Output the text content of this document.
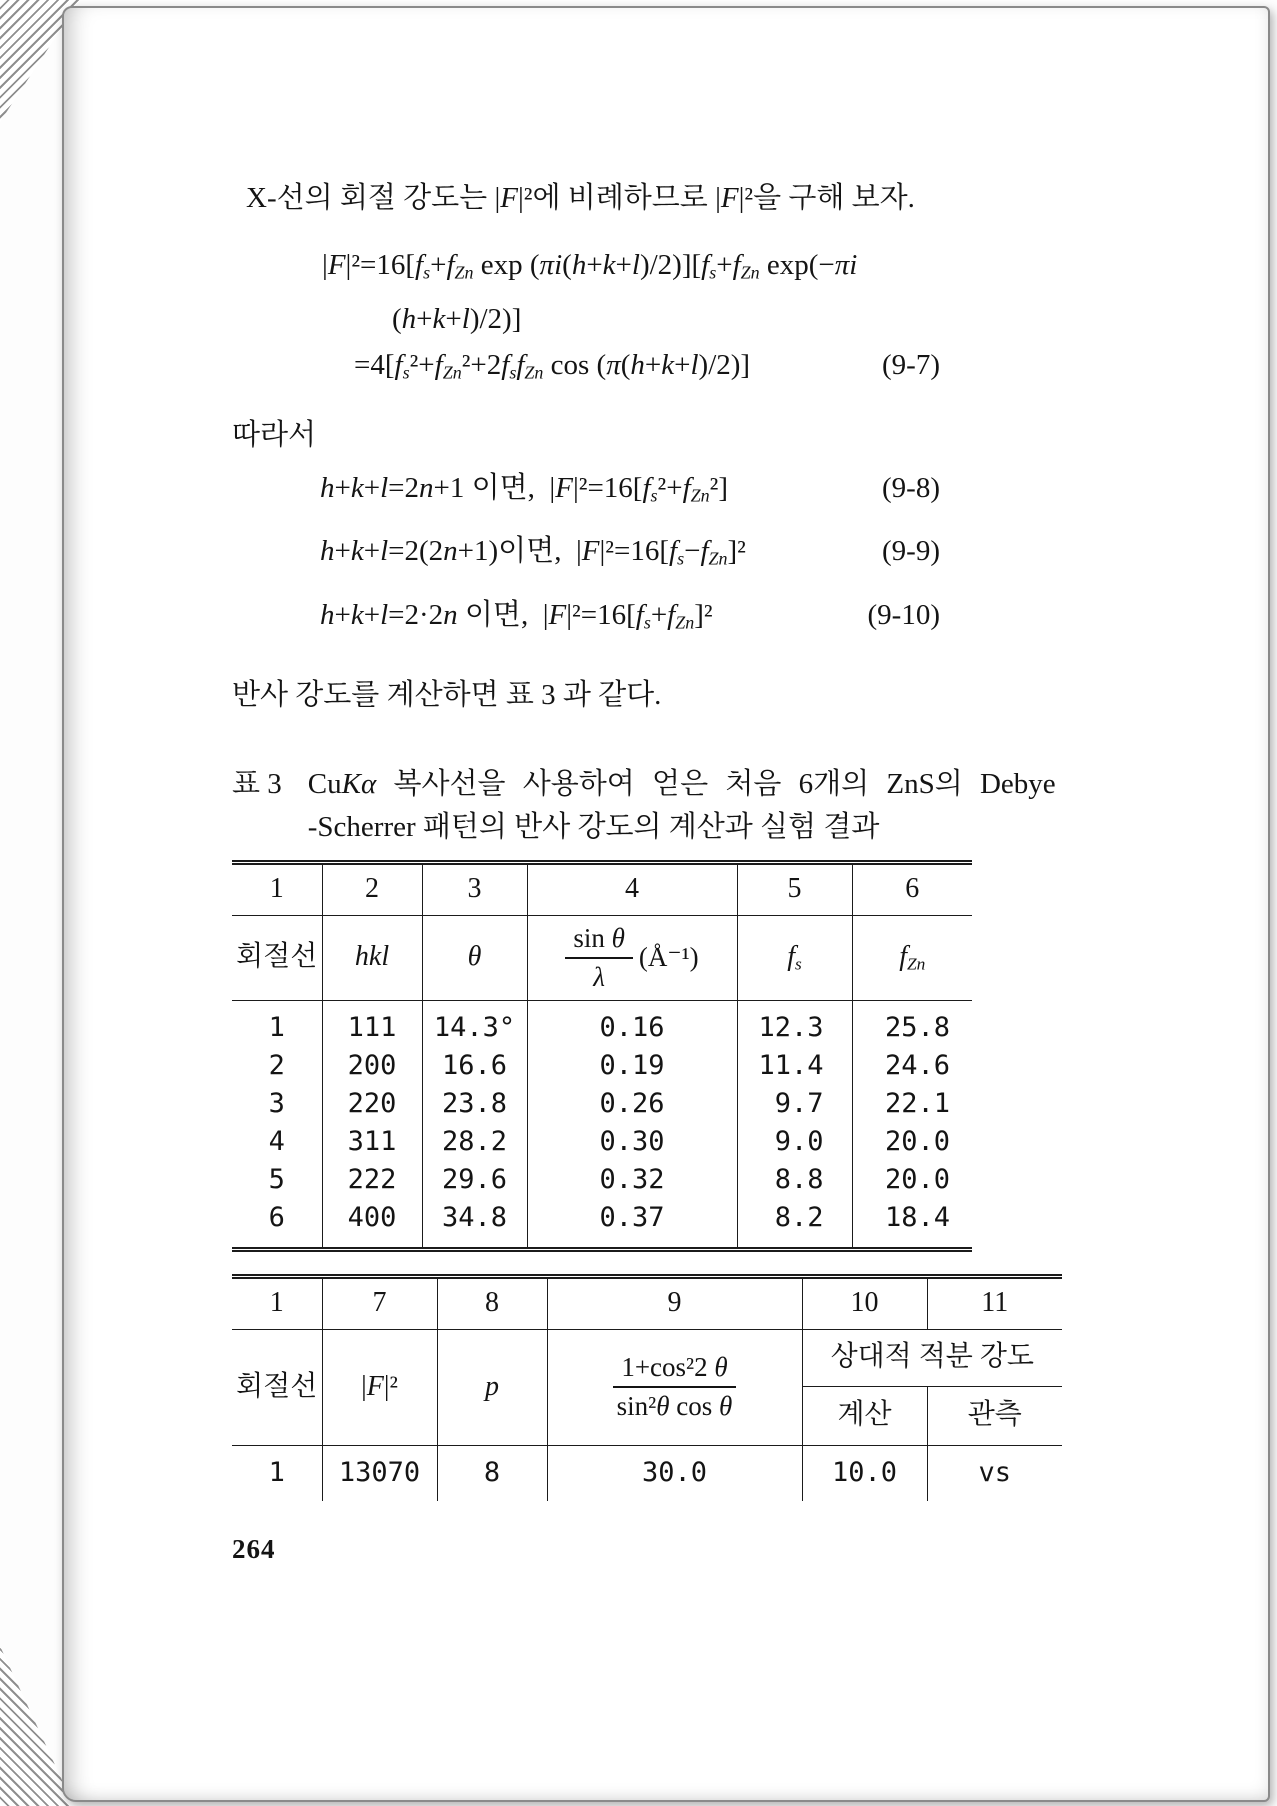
X-선의 회절 강도는 |F|²에 비례하므로 |F|²을 구해 보자.

$|F|^2=16[f_s+f_{Zn}$ $\exp (\pi i(h+k+l)/2)][f_s+f_{Zn}$ exp(−πi
(h+k+l)/2)]
$=4[f_s^2+f_{Zn}^2+2f_sf_{Zn}$ cos (π(h+k+l)/2)]	(9-7)

따라서

h+k+l=2n+1 이면,  $|F|^2=16[f_s^2+f_{Zn}^2]$	(9-8)
h+k+l=2(2n+1)이면,  $|F|^2=16[f_s-f_{Zn}]^2$	(9-9)
h+k+l=2·2n 이면,  $|F|^2=16[f_s+f_{Zn}]^2$	(9-10)

반사 강도를 계산하면 표 3 과 같다.

표 3 CuKα 복사선을 사용하여 얻은 처음 6개의 ZnS의 Debye
-Scherrer 패턴의 반사 강도의 계산과 실험 결과
1	2	3	4	5	6
회절선	hkl	θ	$\frac{\text{sin θ}}{\lambda}$ (Å⁻¹)	$f_s$	$f_{Zn}$
1	111	14.3°	0.16	12.3	25.8
2	200	16.6	0.19	11.4	24.6
3	220	23.8	0.26	9.7	22.1
4	311	28.2	0.30	9.0	20.0
5	222	29.6	0.32	8.8	20.0
6	400	34.8	0.37	8.2	18.4
1	7	8	9	10	11
회절선	|F|²	p	$\frac{\text{1+cos²2 θ}}{\text{sin²θ cos θ}}$	상대적 적분 강도	
				계산	관측
1	13070	8	30.0	10.0	vs
264
